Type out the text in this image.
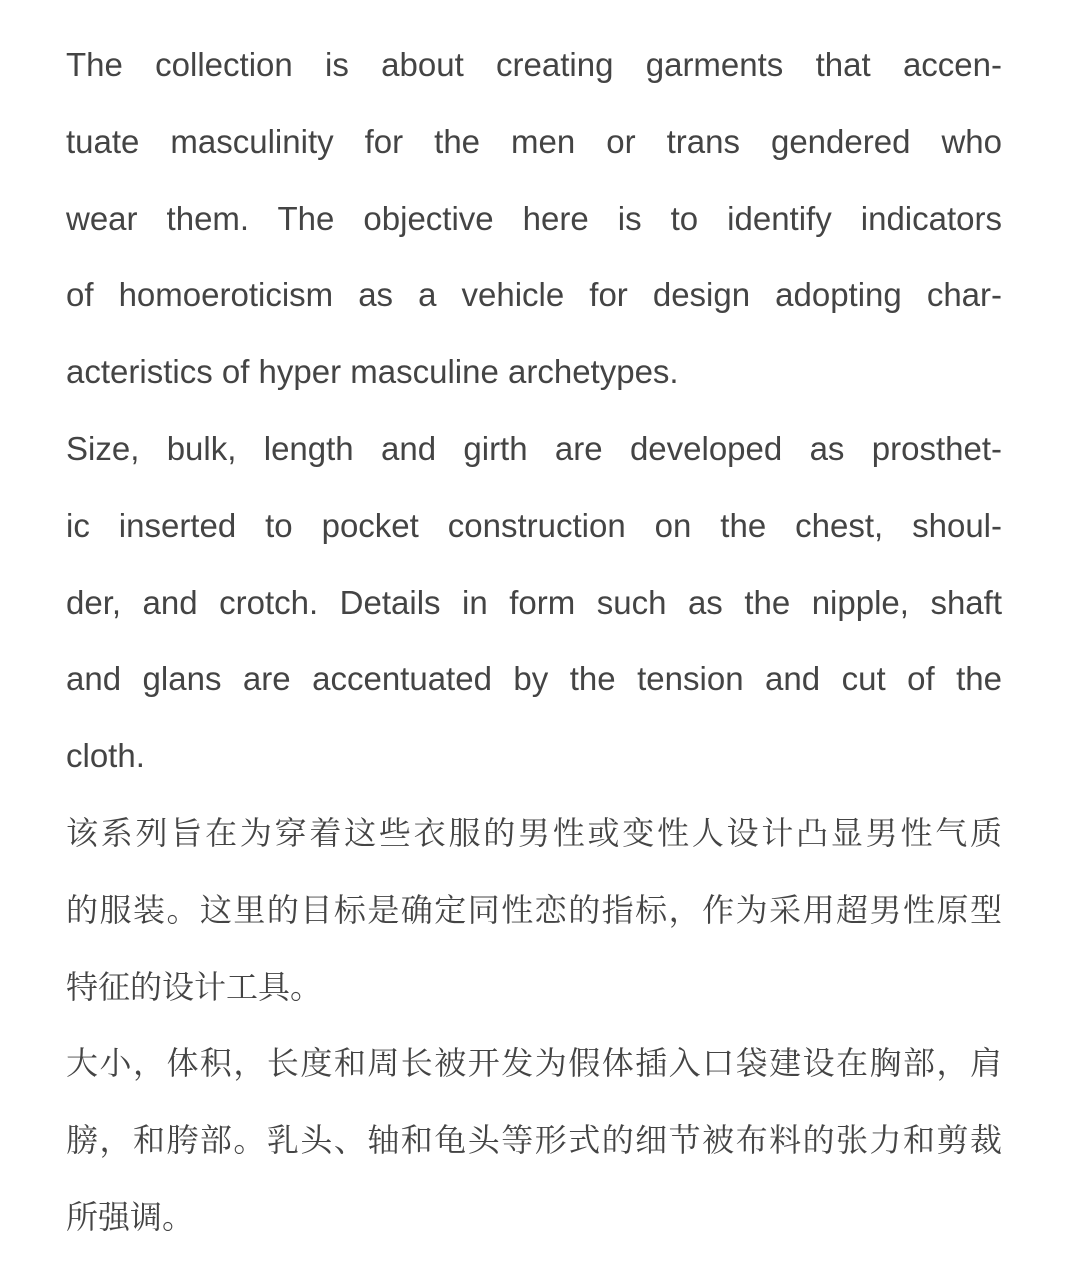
The collection is about creating garments that accen-
tuate masculinity for the men or trans gendered who
wear them. The objective here is to identify indicators
of homoeroticism as a vehicle for design adopting char-
acteristics of hyper masculine archetypes.
Size, bulk, length and girth are developed as prosthet-
ic inserted to pocket construction on the chest, shoul-
der, and crotch. Details in form such as the nipple, shaft
and glans are accentuated by the tension and cut of the
cloth.
该系列旨在为穿着这些衣服的男性或变性人设计凸显男性气质
的服装。这里的目标是确定同性恋的指标，作为采用超男性原型
特征的设计工具。
大小，体积，长度和周长被开发为假体插入口袋建设在胸部，肩
膀，和胯部。乳头、轴和龟头等形式的细节被布料的张力和剪裁
所强调。
